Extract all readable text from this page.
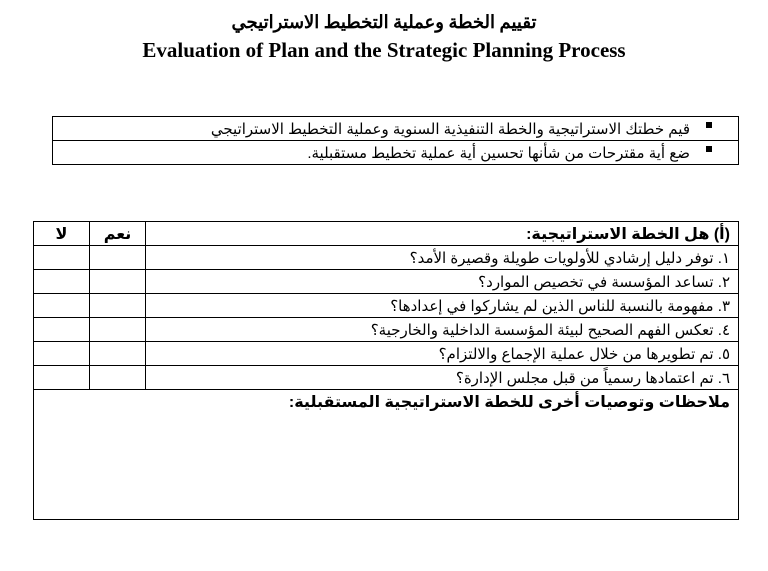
تقييم الخطة وعملية التخطيط الاستراتيجي
Evaluation of Plan and the Strategic Planning Process
قيم خطتك الاستراتيجية والخطة التنفيذية السنوية وعملية التخطيط الاستراتيجي

ضع أية مقترحات من شأنها تحسين أية عملية تخطيط مستقبلية.
(أ) هل الخطة الاستراتيجية:	نعم	لا
١. توفر دليل إرشادي للأولويات طويلة وقصيرة الأمد؟		
٢. تساعد المؤسسة في تخصيص الموارد؟		
٣. مفهومة بالنسبة للناس الذين لم يشاركوا في إعدادها؟		
٤. تعكس الفهم الصحيح لبيئة المؤسسة الداخلية والخارجية؟		
٥. تم تطويرها من خلال عملية الإجماع والالتزام؟		
٦. تم اعتمادها رسمياً من قبل مجلس الإدارة؟		
ملاحظات وتوصيات أخرى للخطة الاستراتيجية المستقبلية:		
